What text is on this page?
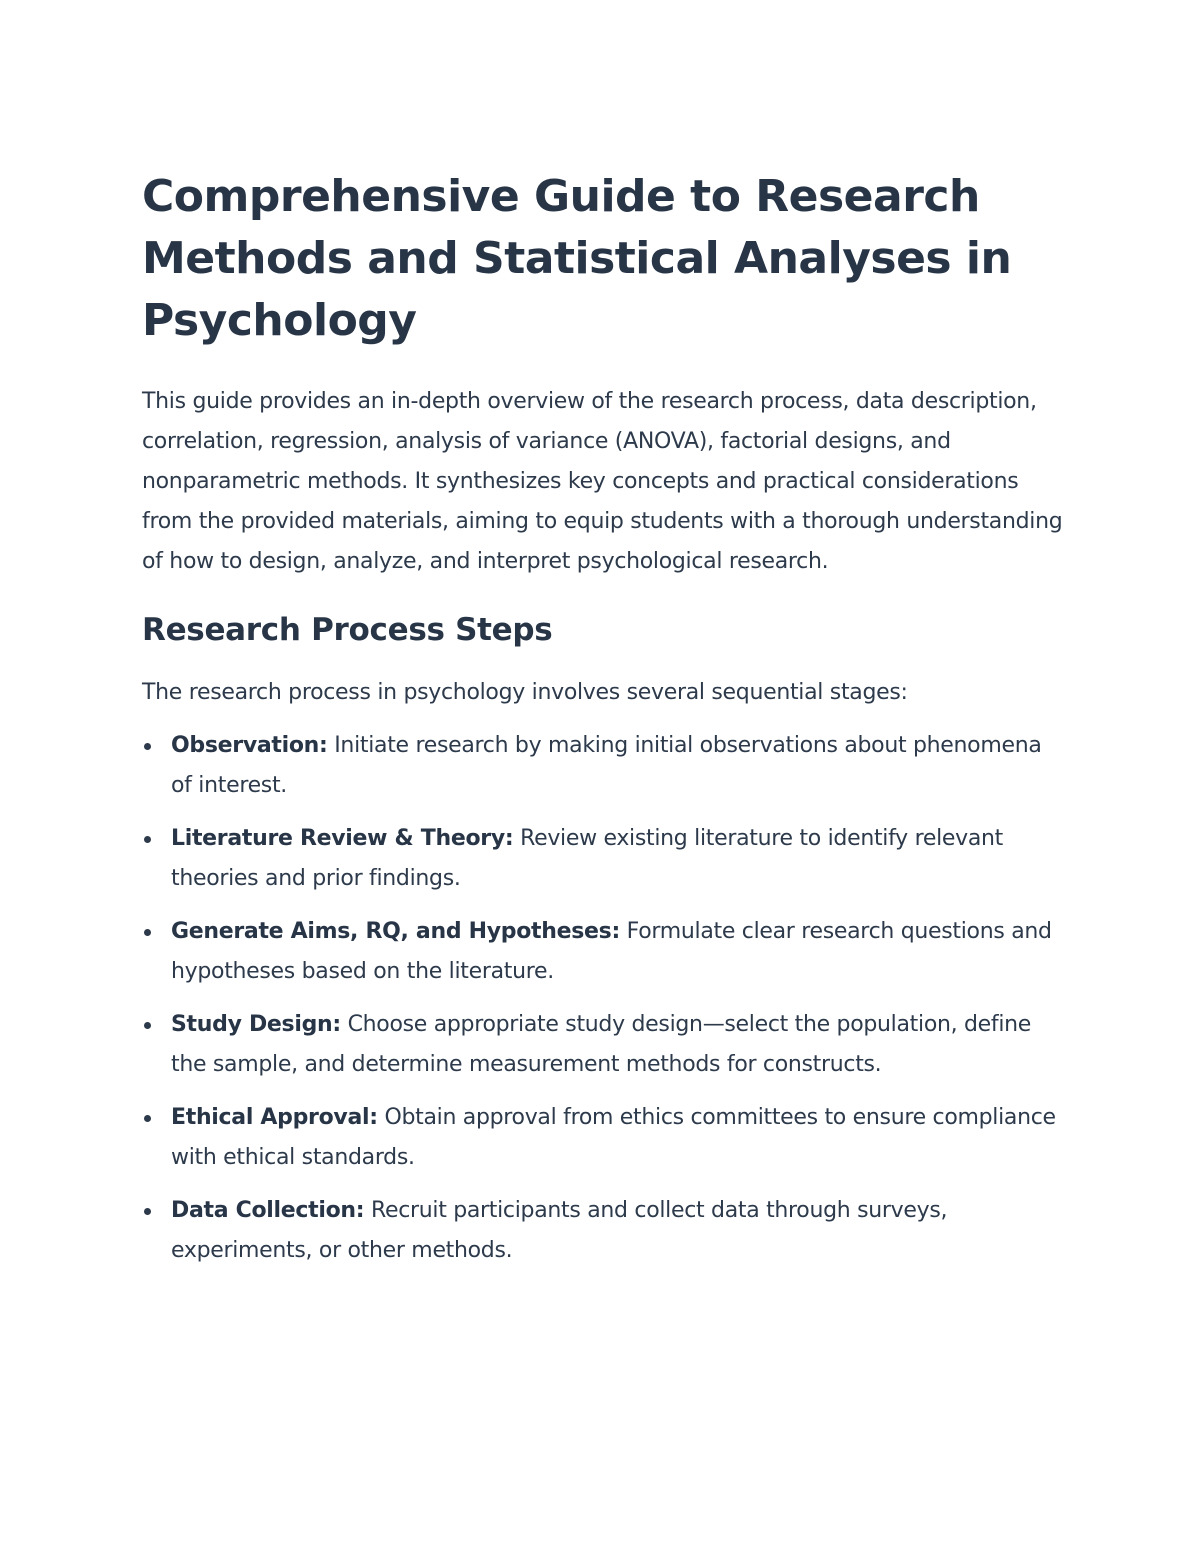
Comprehensive Guide to Research Methods and Statistical Analyses in Psychology

This guide provides an in-depth overview of the research process, data description, correlation, regression, analysis of variance (ANOVA), factorial designs, and nonparametric methods. It synthesizes key concepts and practical considerations from the provided materials, aiming to equip students with a thorough understanding of how to design, analyze, and interpret psychological research.

Research Process Steps

The research process in psychology involves several sequential stages:

Observation: Initiate research by making initial observations about phenomena of interest.
Literature Review & Theory: Review existing literature to identify relevant theories and prior findings.
Generate Aims, RQ, and Hypotheses: Formulate clear research questions and hypotheses based on the literature.
Study Design: Choose appropriate study design—select the population, define the sample, and determine measurement methods for constructs.
Ethical Approval: Obtain approval from ethics committees to ensure compliance with ethical standards.
Data Collection: Recruit participants and collect data through surveys, experiments, or other methods.
